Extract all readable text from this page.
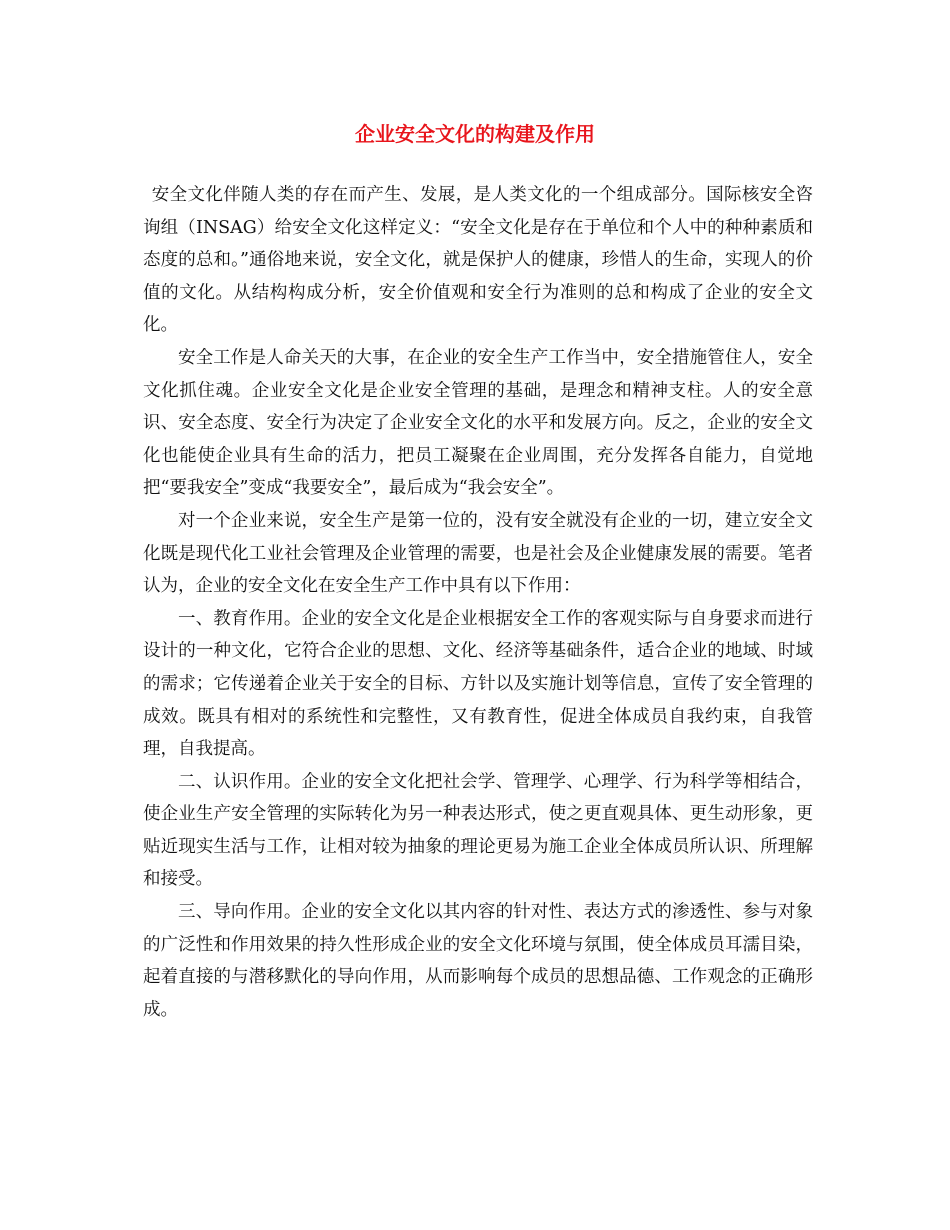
企业安全文化的构建及作用

安全文化伴随人类的存在而产生、发展，是人类文化的一个组成部分。国际核安全咨询组（INSAG）给安全文化这样定义：“安全文化是存在于单位和个人中的种种素质和态度的总和。”通俗地来说，安全文化，就是保护人的健康，珍惜人的生命，实现人的价值的文化。从结构构成分析，安全价值观和安全行为准则的总和构成了企业的安全文化。

安全工作是人命关天的大事，在企业的安全生产工作当中，安全措施管住人，安全文化抓住魂。企业安全文化是企业安全管理的基础，是理念和精神支柱。人的安全意识、安全态度、安全行为决定了企业安全文化的水平和发展方向。反之，企业的安全文化也能使企业具有生命的活力，把员工凝聚在企业周围，充分发挥各自能力，自觉地把“要我安全”变成“我要安全”，最后成为“我会安全”。

对一个企业来说，安全生产是第一位的，没有安全就没有企业的一切，建立安全文化既是现代化工业社会管理及企业管理的需要，也是社会及企业健康发展的需要。笔者认为，企业的安全文化在安全生产工作中具有以下作用：

一、教育作用。企业的安全文化是企业根据安全工作的客观实际与自身要求而进行设计的一种文化，它符合企业的思想、文化、经济等基础条件，适合企业的地域、时域的需求；它传递着企业关于安全的目标、方针以及实施计划等信息，宣传了安全管理的成效。既具有相对的系统性和完整性，又有教育性，促进全体成员自我约束，自我管理，自我提高。

二、认识作用。企业的安全文化把社会学、管理学、心理学、行为科学等相结合，使企业生产安全管理的实际转化为另一种表达形式，使之更直观具体、更生动形象，更贴近现实生活与工作，让相对较为抽象的理论更易为施工企业全体成员所认识、所理解和接受。

三、导向作用。企业的安全文化以其内容的针对性、表达方式的渗透性、参与对象的广泛性和作用效果的持久性形成企业的安全文化环境与氛围，使全体成员耳濡目染，起着直接的与潜移默化的导向作用，从而影响每个成员的思想品德、工作观念的正确形成。
